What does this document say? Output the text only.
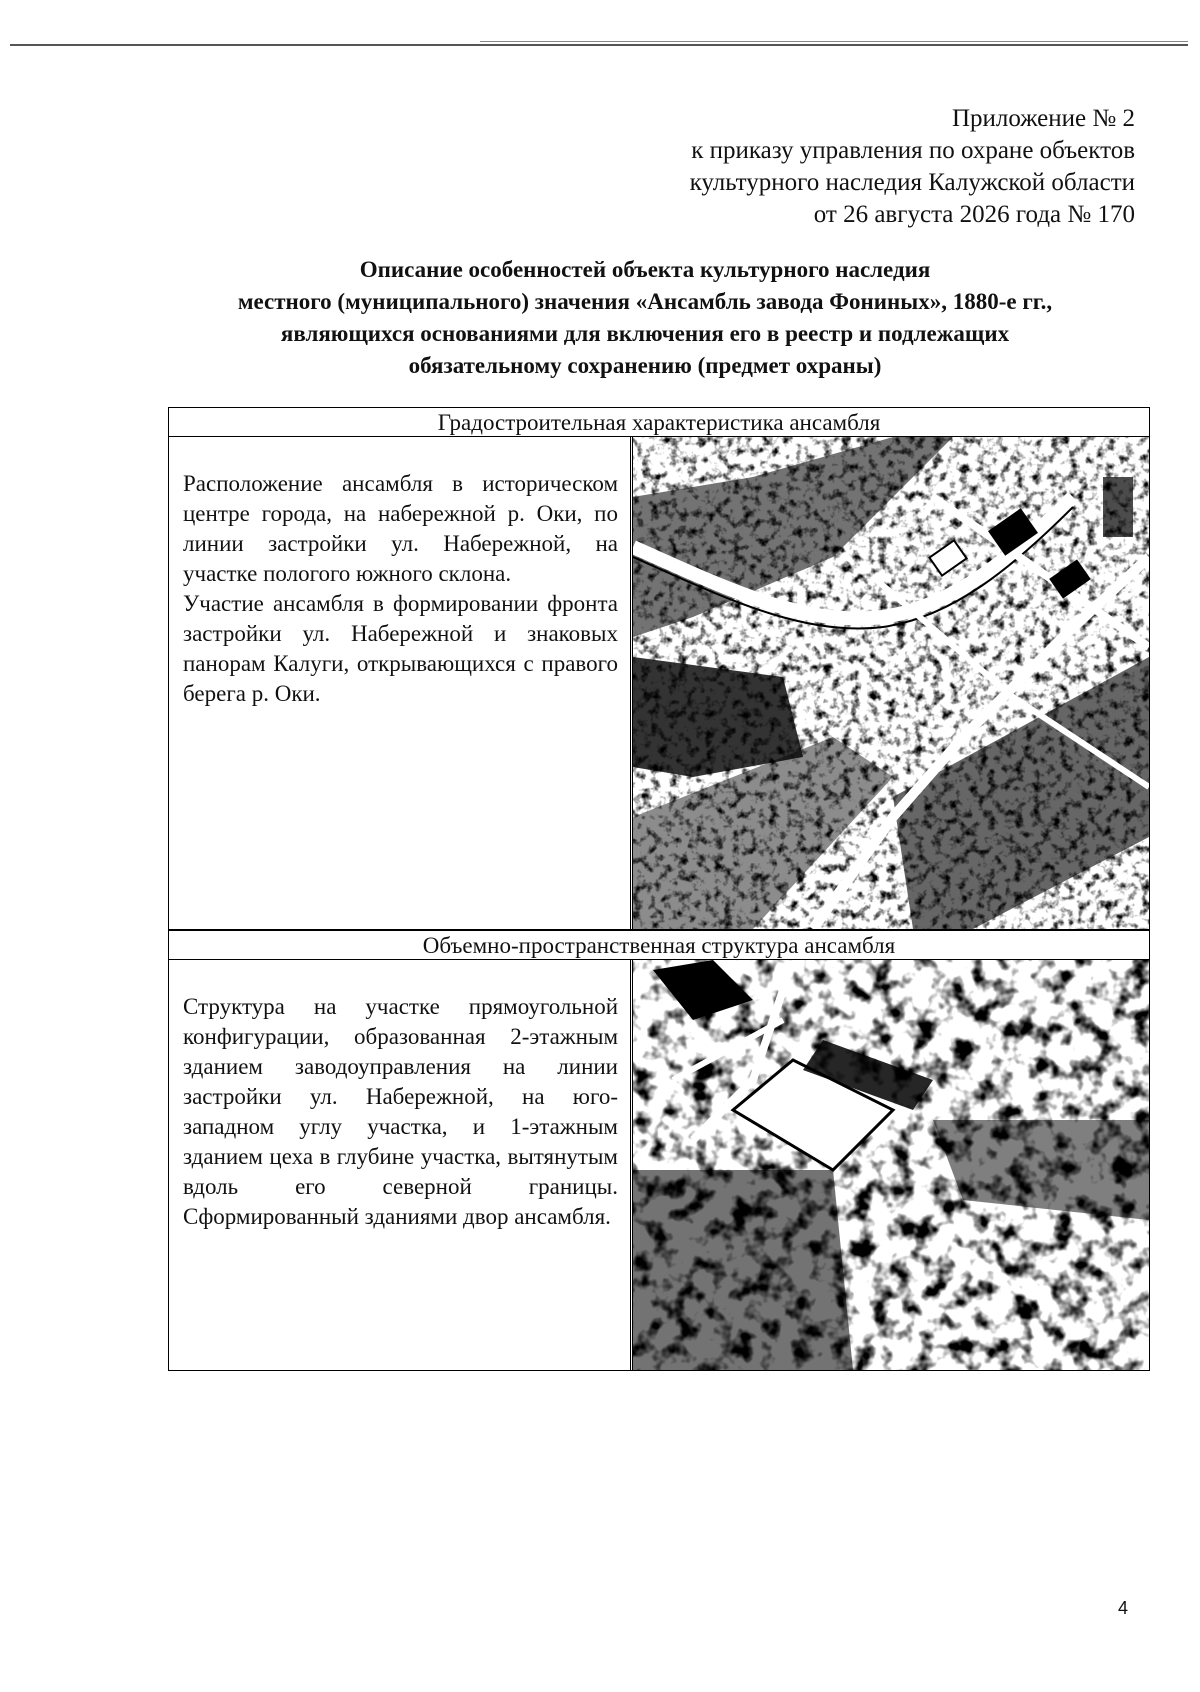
Приложение № 2
к приказу управления по охране объектов
культурного наследия Калужской области
от 26 августа 2026 года № 170
Описание особенностей объекта культурного наследия
местного (муниципального) значения «Ансамбль завода Фониных», 1880-е гг.,
являющихся основаниями для включения его в реестр и подлежащих
обязательному сохранению (предмет охраны)
Градостроительная характеристика ансамбля

Расположение ансамбля в историческом центре города, на набережной р. Оки, по линии застройки ул. Набережной, на участке пологого южного склона.

Участие ансамбля в формировании фронта застройки ул. Набережной и знаковых панорам Калуги, открывающихся с правого берега р. Оки.

Объемно-пространственная структура ансамбля

Структура на участке прямоугольной конфигурации, образованная 2-этажным зданием заводоуправления на линии застройки ул. Набережной, на юго-западном углу участка, и 1-этажным зданием цеха в глубине участка, вытянутым вдоль его северной границы. Сформированный зданиями двор ансамбля.

4
